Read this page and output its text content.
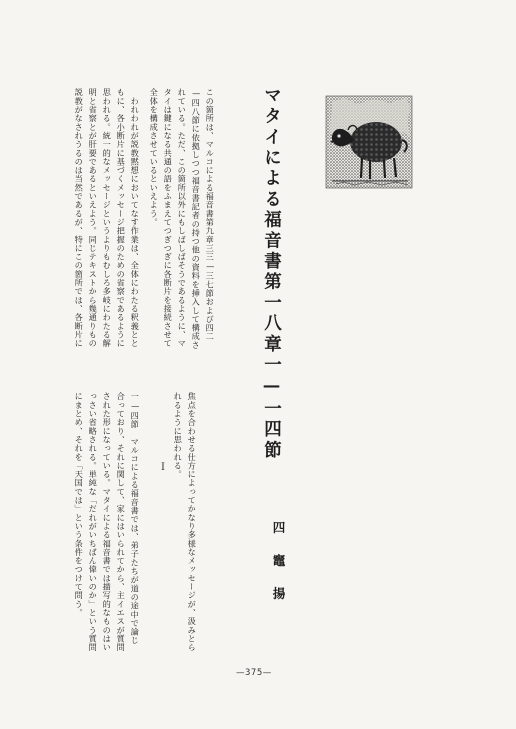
この箇所は、マルコによる福音書第九章三三—三七節および四二
—四八節に依拠しつつ福音書記者の持つ他の資料を挿入して構成さ
れている。ただ、この箇所以外にもしばしばそうであるように、マ
タイは鍵になる共通の語をふまえてつぎつぎに各断片を接続させて
全体を構成させているといえよう。
　われわれが説教黙想においてなす作業は、全体にわたる釈義とと
もに、各小断片に基づくメッセージ把握のための省察であるように
思われる。統一的なメッセージというよりもむしろ多岐にわたる解
明と省察とが肝要であるといえよう。同じテキストから幾通りもの
説教がなされうるのは当然であるが、特にこの箇所では、各断片に
焦点を合わせる仕方によってかなり多様なメッセージが、汲みとら
れるように思われる。
Ⅰ
一—四節　マルコによる福音書では、弟子たちが道の途中で論じ
合っており、それに関して、家にはいられてから、主イエスが質問
された形になっている。マタイによる福音書では描写的なものはい
っさい省略される。単純な「だれがいちばん偉いのか」という質問
にまとめ、それを「天国では」という条件をつけて問う。
マタイによる福音書第一八章一—一四節
四
竈
揚
—375—
